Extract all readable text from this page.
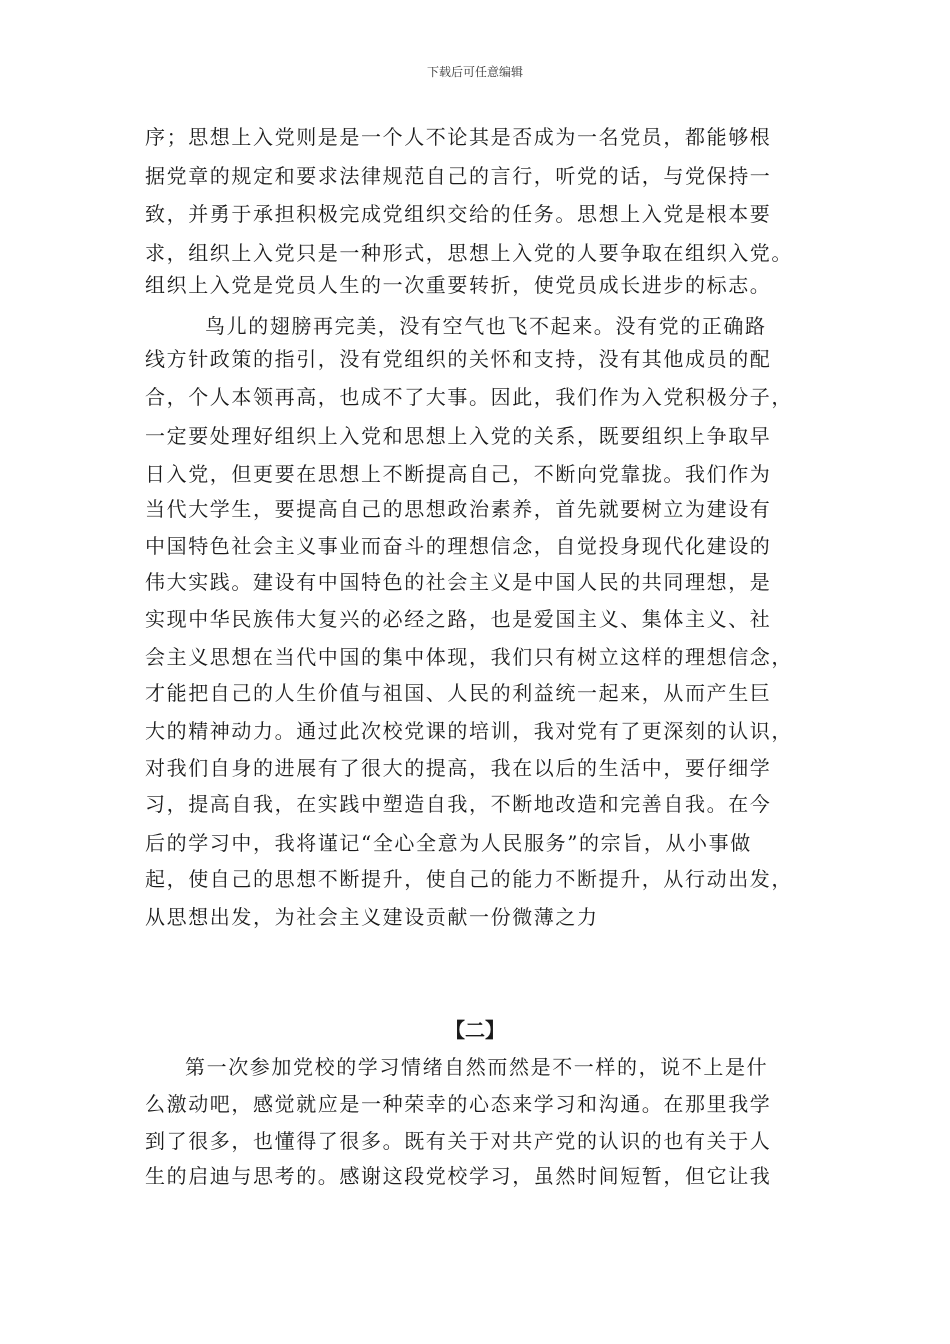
下载后可任意编辑
序；思想上入党则是是一个人不论其是否成为一名党员，都能够根
据党章的规定和要求法律规范自己的言行，听党的话，与党保持一
致，并勇于承担积极完成党组织交给的任务。思想上入党是根本要
求，组织上入党只是一种形式，思想上入党的人要争取在组织入党。
组织上入党是党员人生的一次重要转折，使党员成长进步的标志。
鸟儿的翅膀再完美，没有空气也飞不起来。没有党的正确路
线方针政策的指引，没有党组织的关怀和支持，没有其他成员的配
合，个人本领再高，也成不了大事。因此，我们作为入党积极分子，
一定要处理好组织上入党和思想上入党的关系，既要组织上争取早
日入党，但更要在思想上不断提高自己，不断向党靠拢。我们作为
当代大学生，要提高自己的思想政治素养，首先就要树立为建设有
中国特色社会主义事业而奋斗的理想信念，自觉投身现代化建设的
伟大实践。建设有中国特色的社会主义是中国人民的共同理想，是
实现中华民族伟大复兴的必经之路，也是爱国主义、集体主义、社
会主义思想在当代中国的集中体现，我们只有树立这样的理想信念，
才能把自己的人生价值与祖国、人民的利益统一起来，从而产生巨
大的精神动力。通过此次校党课的培训，我对党有了更深刻的认识，
对我们自身的进展有了很大的提高，我在以后的生活中，要仔细学
习，提高自我，在实践中塑造自我，不断地改造和完善自我。在今
后的学习中，我将谨记“全心全意为人民服务”的宗旨，从小事做
起，使自己的思想不断提升，使自己的能力不断提升，从行动出发，
从思想出发，为社会主义建设贡献一份微薄之力
【二】
第一次参加党校的学习情绪自然而然是不一样的，说不上是什
么激动吧，感觉就应是一种荣幸的心态来学习和沟通。在那里我学
到了很多，也懂得了很多。既有关于对共产党的认识的也有关于人
生的启迪与思考的。感谢这段党校学习，虽然时间短暂，但它让我
